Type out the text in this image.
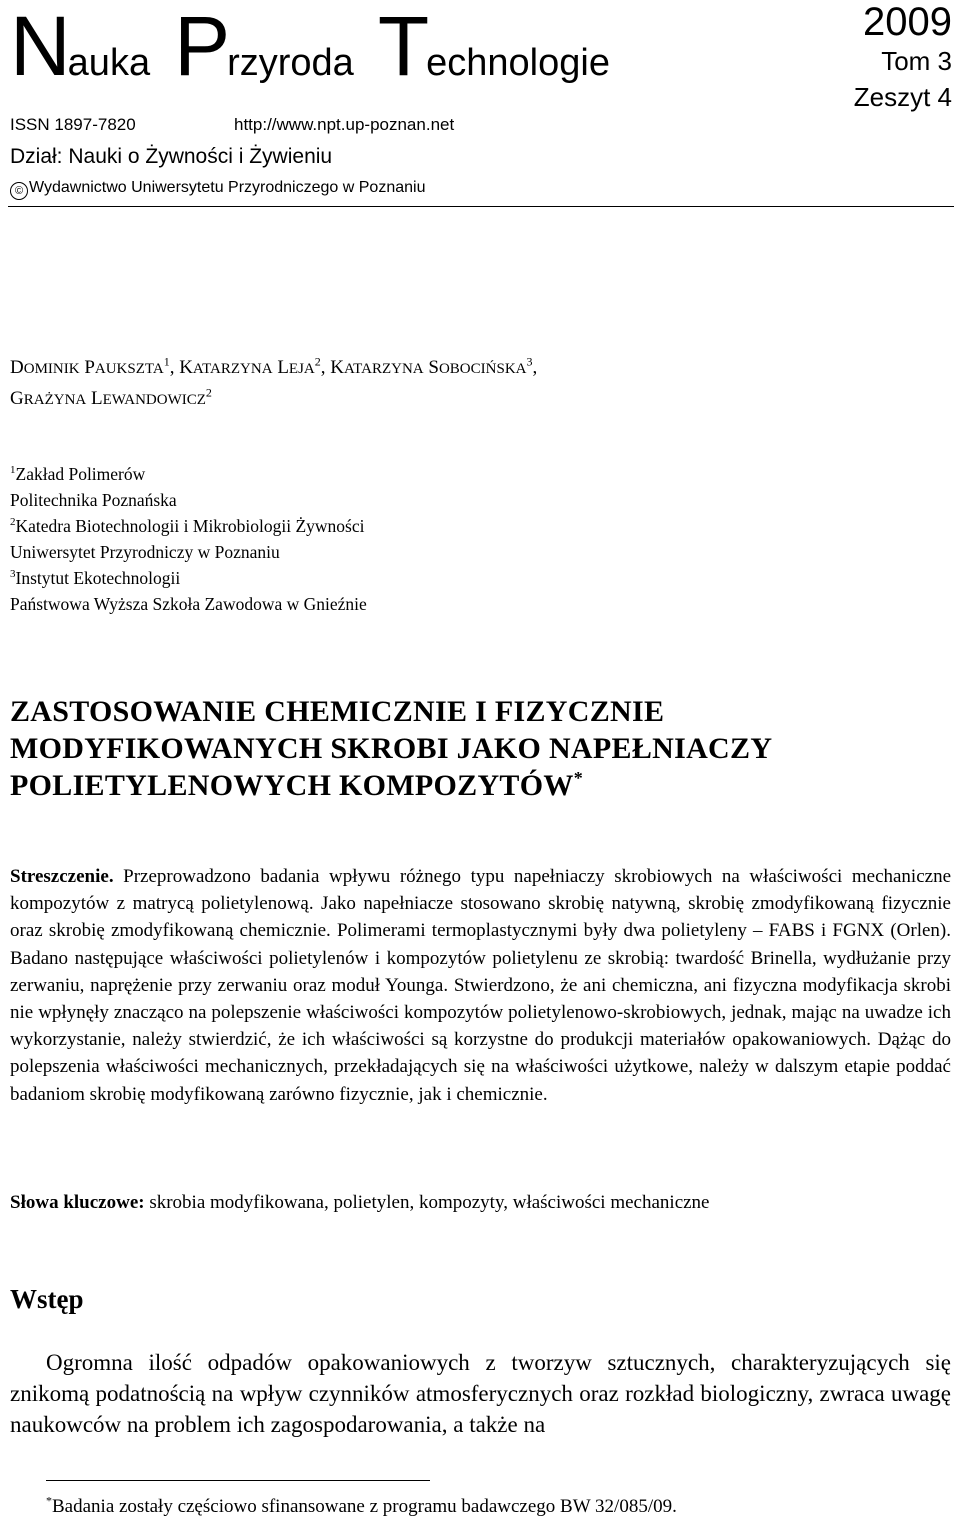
Nauka Przyroda Technologie
2009
Tom 3
Zeszyt 4
ISSN 1897-7820	http://www.npt.up-poznan.net
Dział: Nauki o Żywności i Żywieniu
© Wydawnictwo Uniwersytetu Przyrodniczego w Poznaniu
DOMINIK PAUKSZTA$^1$, KATARZYNA LEJA$^2$, KATARZYNA SOBOCIŃSKA$^3$,
GRAŻYNA LEWANDOWICZ$^2$
$^1$Zakład Polimerów
Politechnika Poznańska
$^2$Katedra Biotechnologii i Mikrobiologii Żywności
Uniwersytet Przyrodniczy w Poznaniu
$^3$Instytut Ekotechnologii
Państwowa Wyższa Szkoła Zawodowa w Gnieźnie
ZASTOSOWANIE CHEMICZNIE I FIZYCZNIE
MODYFIKOWANYCH SKROBI JAKO NAPEŁNIACZY
POLIETYLENOWYCH KOMPOZYTÓW*
Streszczenie. Przeprowadzono badania wpływu różnego typu napełniaczy skrobiowych na właściwości mechaniczne kompozytów z matrycą polietylenową. Jako napełniacze stosowano skrobię natywną, skrobię zmodyfikowaną fizycznie oraz skrobię zmodyfikowaną chemicznie. Polimerami termoplastycznymi były dwa polietyleny – FABS i FGNX (Orlen). Badano następujące właściwości polietylenów i kompozytów polietylenu ze skrobią: twardość Brinella, wydłużanie przy zerwaniu, naprężenie przy zerwaniu oraz moduł Younga. Stwierdzono, że ani chemiczna, ani fizyczna modyfikacja skrobi nie wpłynęły znacząco na polepszenie właściwości kompozytów polietylenowo-skrobiowych, jednak, mając na uwadze ich wykorzystanie, należy stwierdzić, że ich właściwości są korzystne do produkcji materiałów opakowaniowych. Dążąc do polepszenia właściwości mechanicznych, przekładających się na właściwości użytkowe, należy w dalszym etapie poddać badaniom skrobię modyfikowaną zarówno fizycznie, jak i chemicznie.
Słowa kluczowe: skrobia modyfikowana, polietylen, kompozyty, właściwości mechaniczne
Wstęp
Ogromna ilość odpadów opakowaniowych z tworzyw sztucznych, charakteryzujących się znikomą podatnością na wpływ czynników atmosferycznych oraz rozkład biologiczny, zwraca uwagę naukowców na problem ich zagospodarowania, a także na
*Badania zostały częściowo sfinansowane z programu badawczego BW 32/085/09.
